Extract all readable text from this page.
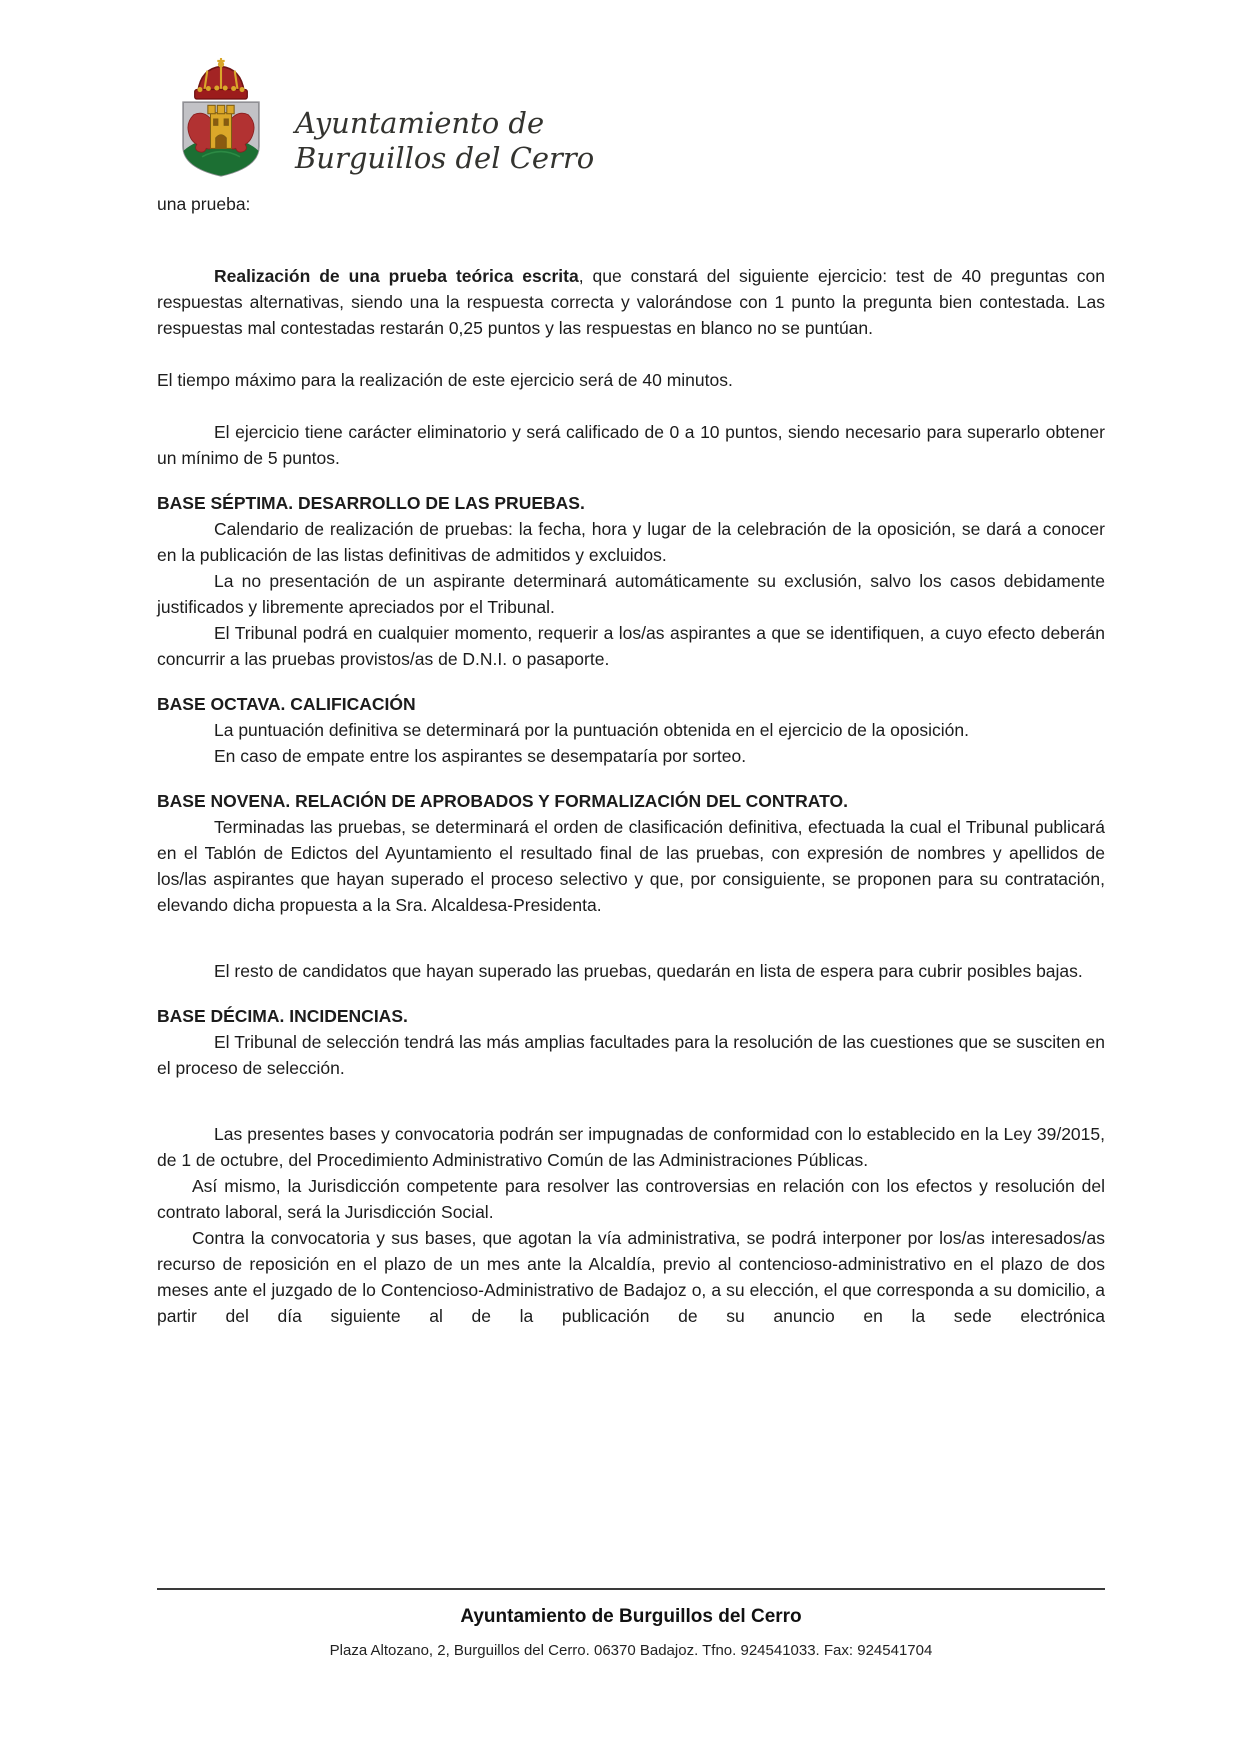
Ayuntamiento de
Burguillos del Cerro

una prueba:

Realización de una prueba teórica escrita, que constará del siguiente ejercicio: test de 40 preguntas con respuestas alternativas, siendo una la respuesta correcta y valorándose con 1 punto la pregunta bien contestada. Las respuestas mal contestadas restarán 0,25 puntos y las respuestas en blanco no se puntúan.

El tiempo máximo para la realización de este ejercicio será de 40 minutos.

El ejercicio tiene carácter eliminatorio y será calificado de 0 a 10 puntos, siendo necesario para superarlo obtener un mínimo de 5 puntos.

BASE SÉPTIMA. DESARROLLO DE LAS PRUEBAS.

Calendario de realización de pruebas: la fecha, hora y lugar de la celebración de la oposición, se dará a conocer en la publicación de las listas definitivas de admitidos y excluidos.

La no presentación de un aspirante determinará automáticamente su exclusión, salvo los casos debidamente justificados y libremente apreciados por el Tribunal.

El Tribunal podrá en cualquier momento, requerir a los/as aspirantes a que se identifiquen, a cuyo efecto deberán concurrir a las pruebas provistos/as de D.N.I. o pasaporte.

BASE OCTAVA. CALIFICACIÓN

La puntuación definitiva se determinará por la puntuación obtenida en el ejercicio de la oposición.

En caso de empate entre los aspirantes se desempataría por sorteo.

BASE NOVENA. RELACIÓN DE APROBADOS Y FORMALIZACIÓN DEL CONTRATO.

Terminadas las pruebas, se determinará el orden de clasificación definitiva, efectuada la cual el Tribunal publicará en el Tablón de Edictos del Ayuntamiento el resultado final de las pruebas, con expresión de nombres y apellidos de los/las aspirantes que hayan superado el proceso selectivo y que, por consiguiente, se proponen para su contratación, elevando dicha propuesta a la Sra. Alcaldesa-Presidenta.

El resto de candidatos que hayan superado las pruebas, quedarán en lista de espera para cubrir posibles bajas.

BASE DÉCIMA. INCIDENCIAS.

El Tribunal de selección tendrá las más amplias facultades para la resolución de las cuestiones que se susciten en el proceso de selección.

Las presentes bases y convocatoria podrán ser impugnadas de conformidad con lo establecido en la Ley 39/2015, de 1 de octubre, del Procedimiento Administrativo Común de las Administraciones Públicas.

Así mismo, la Jurisdicción competente para resolver las controversias en relación con los efectos y resolución del contrato laboral, será la Jurisdicción Social.

Contra la convocatoria y sus bases, que agotan la vía administrativa, se podrá interponer por los/as interesados/as recurso de reposición en el plazo de un mes ante la Alcaldía, previo al contencioso-administrativo en el plazo de dos meses ante el juzgado de lo Contencioso-Administrativo de Badajoz o, a su elección, el que corresponda a su domicilio, a partir del día siguiente al de la publicación de su anuncio en la sede electrónica

Ayuntamiento de Burguillos del Cerro
Plaza Altozano, 2, Burguillos del Cerro. 06370 Badajoz. Tfno. 924541033. Fax: 924541704
